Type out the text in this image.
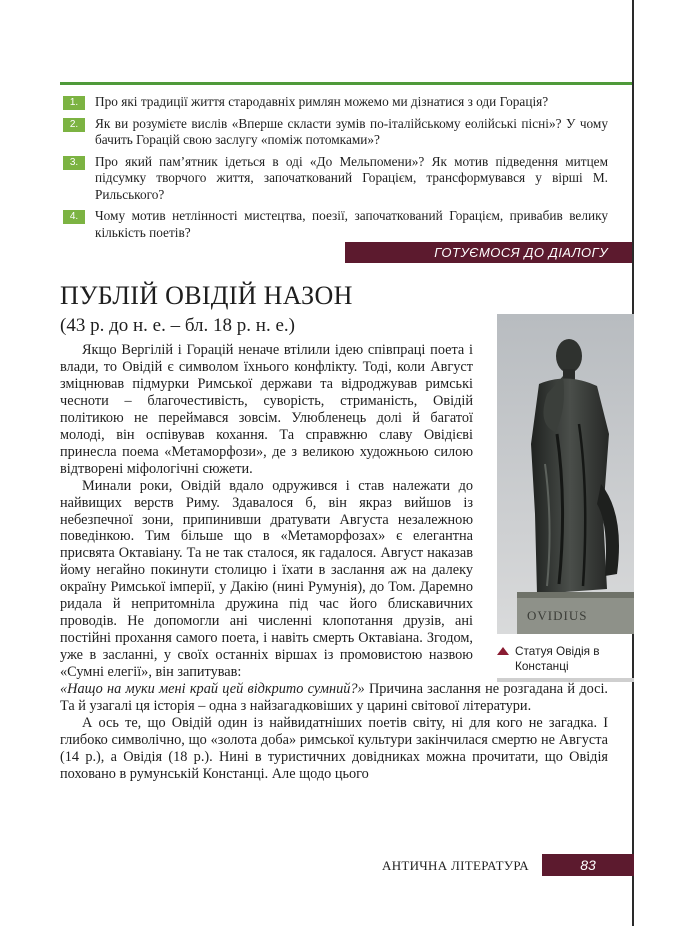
1.	Про які традиції життя стародавніх римлян можемо ми дізнатися з оди Горація?
2.	Як ви розумієте вислів «Вперше скласти зумів по-італійському еолійські пісні»? У чому бачить Горацій свою заслугу «поміж потомками»?
3.	Про який пам’ятник ідеться в оді «До Мельпомени»? Як мотив підведення митцем підсумку творчого життя, започаткований Горацієм, трансформувався у вірші М. Рильського?
4.	Чому мотив нетлінності мистецтва, поезії, започаткований Горацієм, привабив велику кількість поетів?
ГОТУЄМОСЯ ДО ДІАЛОГУ
ПУБЛІЙ ОВІДІЙ НАЗОН
(43 р. до н. е. – бл. 18 р. н. е.)
OVIDIUS
Статуя Овідія в Констанці

Якщо Вергілій і Горацій неначе втілили ідею співпраці поета і влади, то Овідій є символом їхнього конфлікту. Тоді, коли Август зміцнював підмурки Римської держави та відроджував римські чесноти – благочестивість, суворість, стриманість, Овідій політикою не переймався зовсім. Улюбленець долі й багатої молоді, він оспівував кохання. Та справжню славу Овідієві принесла поема «Метаморфози», де з великою художньою силою відтворені міфологічні сюжети.

Минали роки, Овідій вдало одружився і став належати до найвищих верств Риму. Здавалося б, він якраз вийшов із небезпечної зони, припинивши дратувати Августа незалежною поведінкою. Тим більше що в «Метаморфозах» є елегантна присвята Октавіану. Та не так сталося, як гадалося. Август наказав йому негайно покинути столицю і їхати в заслання аж на далеку окраїну Римської імперії, у Дакію (нині Румунія), до Том. Даремно ридала й непритомніла дружина під час його блискавичних проводів. Не допомогли ані численні клопотання друзів, ані постійні прохання самого поета, і навіть смерть Октавіана. Згодом, уже в засланні, у своїх останніх віршах із промовистою назвою «Сумні елегії», він запитував:
«Нащо на муки мені край цей відкрито сумний?» Причина заслання не розгадана й досі. Та й узагалі ця історія – одна з найзагадковіших у царині світової літератури.

А ось те, що Овідій один із найвидатніших поетів світу, ні для кого не загадка. І глибоко символічно, що «золота доба» римської культури закінчилася смертю не Августа (14 р.), а Овідія (18 р.). Нині в туристичних довідниках можна прочитати, що Овідія поховано в румунській Констанці. Але щодо цього

АНТИЧНА ЛІТЕРАТУРА	83
